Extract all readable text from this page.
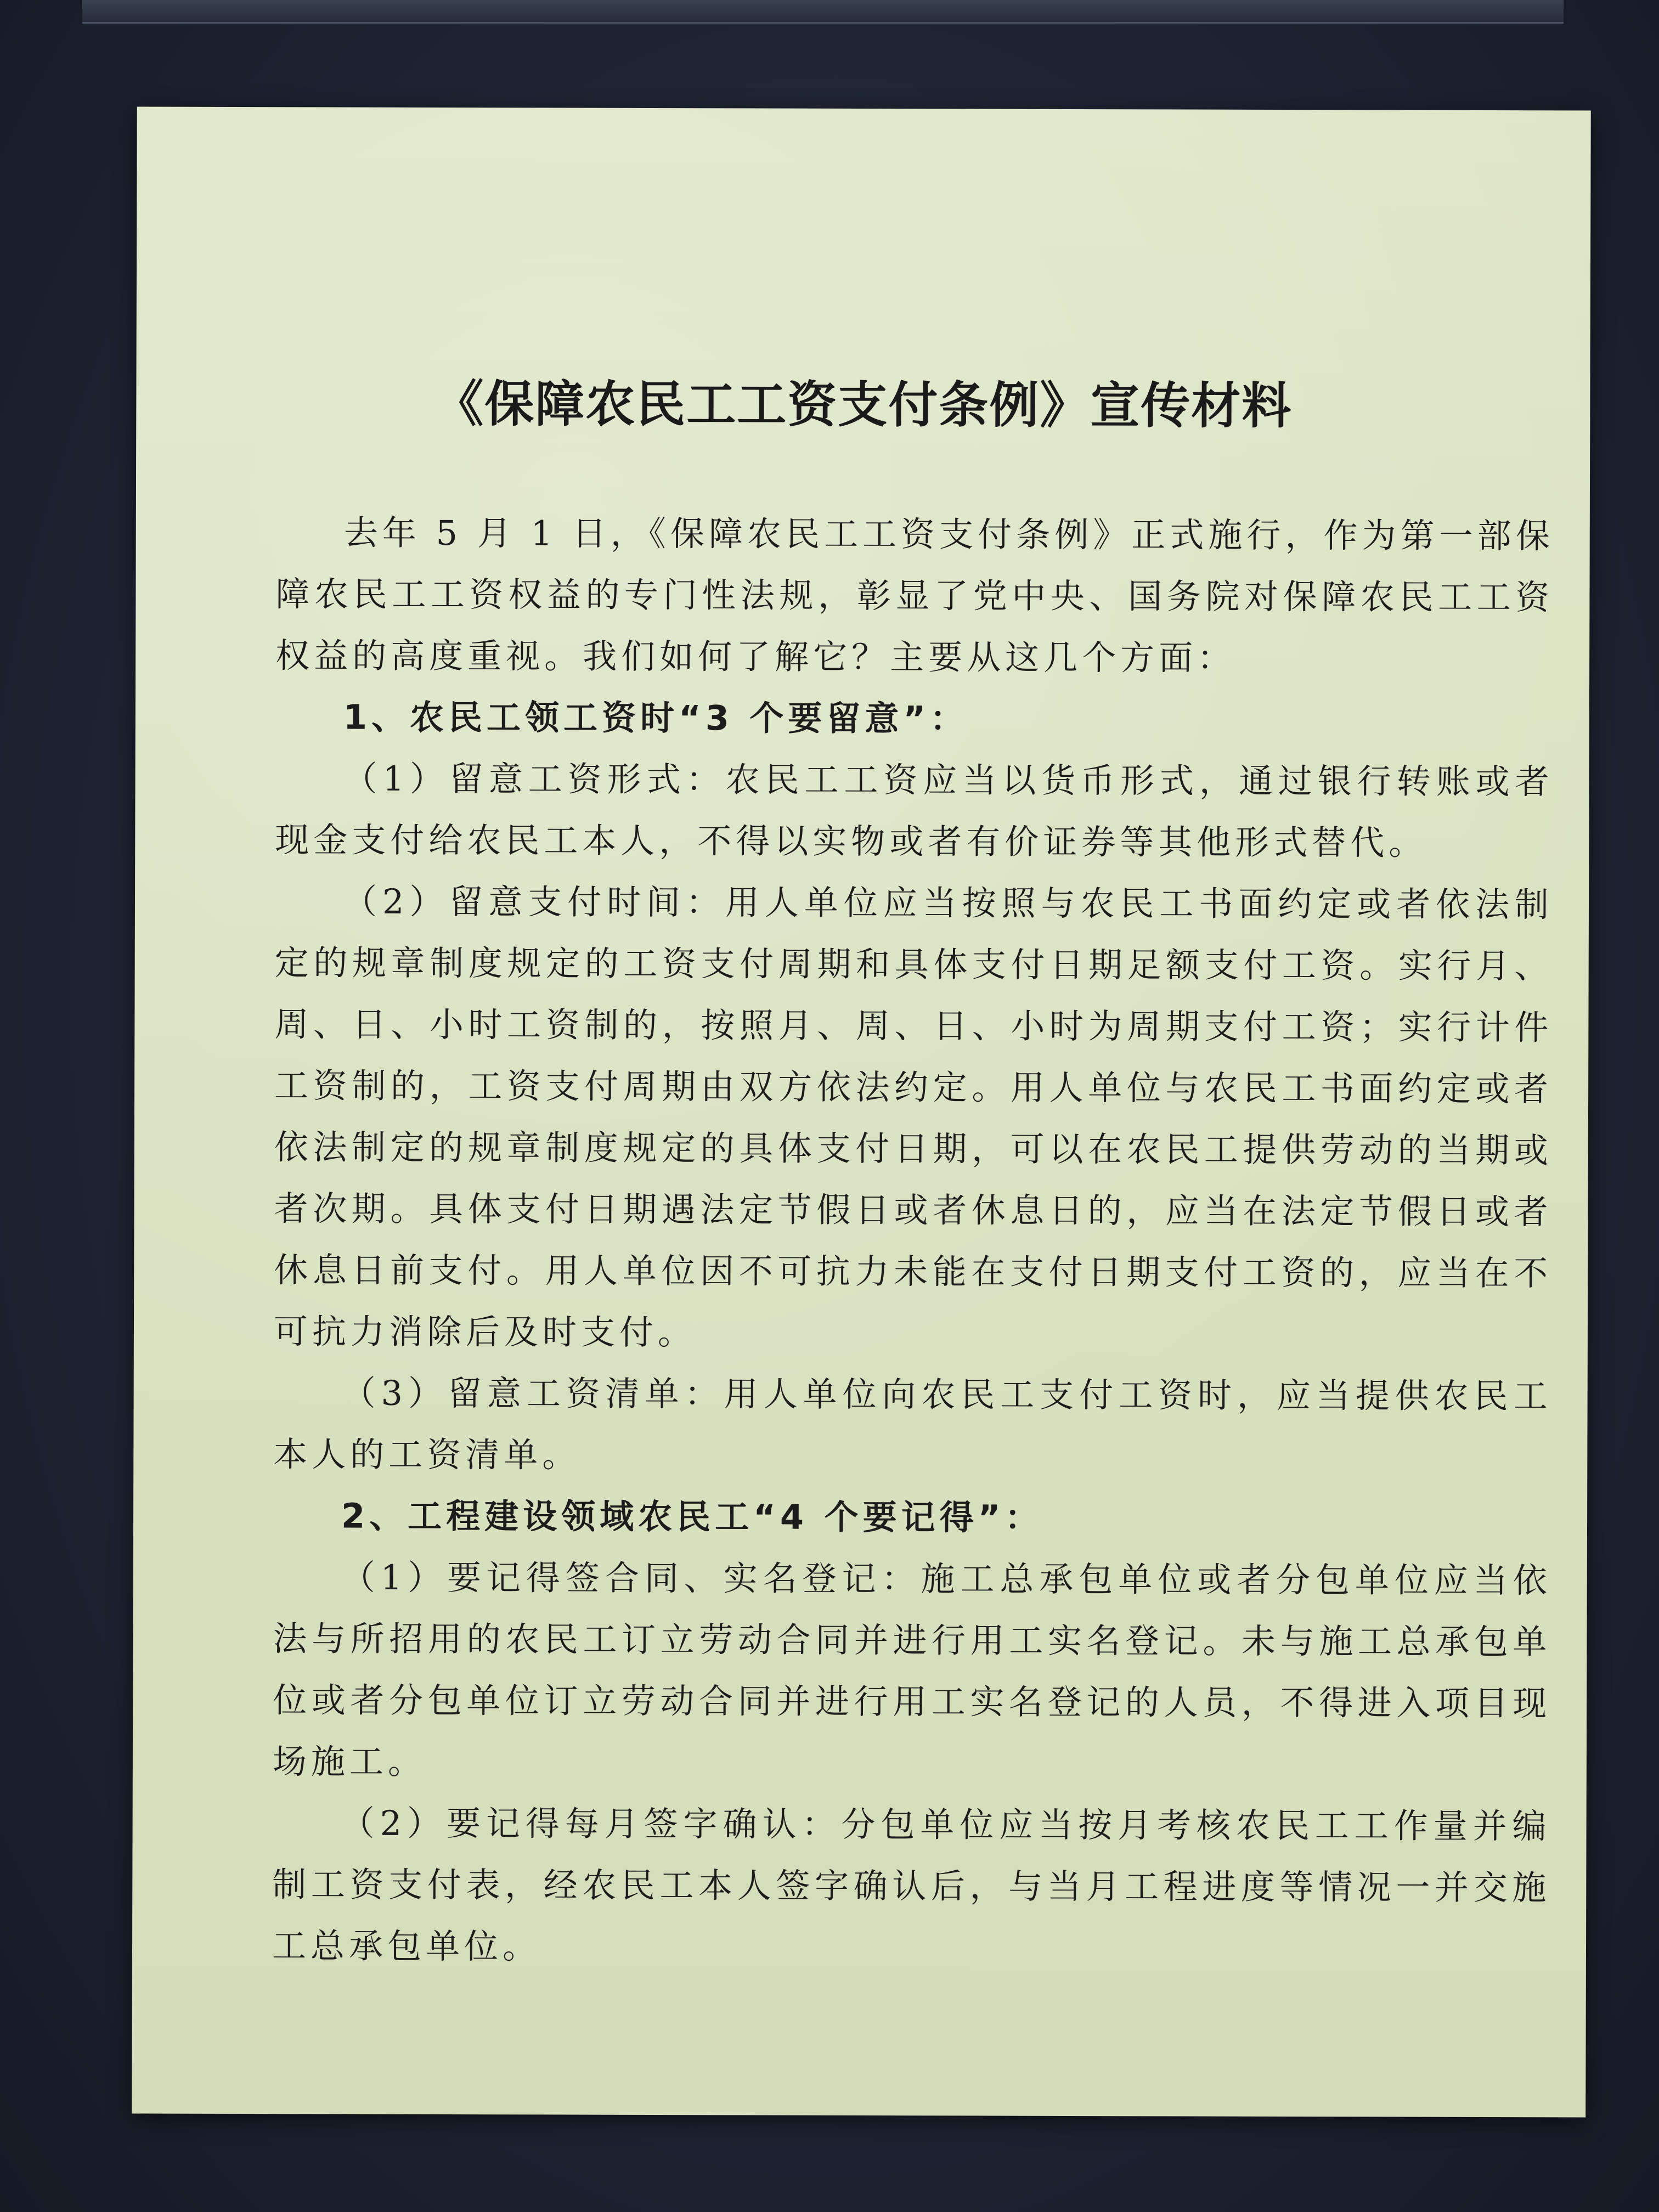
《保障农民工工资支付条例》宣传材料

去年 5 月 1 日，《保障农民工工资支付条例》正式施行，作为第一部保障农民工工资权益的专门性法规，彰显了党中央、国务院对保障农民工工资权益的高度重视。我们如何了解它？主要从这几个方面：

1、农民工领工资时“3 个要留意”：

（1）留意工资形式：农民工工资应当以货币形式，通过银行转账或者现金支付给农民工本人，不得以实物或者有价证券等其他形式替代。

（2）留意支付时间：用人单位应当按照与农民工书面约定或者依法制定的规章制度规定的工资支付周期和具体支付日期足额支付工资。实行月、周、日、小时工资制的，按照月、周、日、小时为周期支付工资；实行计件工资制的，工资支付周期由双方依法约定。用人单位与农民工书面约定或者依法制定的规章制度规定的具体支付日期，可以在农民工提供劳动的当期或者次期。具体支付日期遇法定节假日或者休息日的，应当在法定节假日或者休息日前支付。用人单位因不可抗力未能在支付日期支付工资的，应当在不可抗力消除后及时支付。

（3）留意工资清单：用人单位向农民工支付工资时，应当提供农民工本人的工资清单。

2、工程建设领域农民工“4 个要记得”：

（1）要记得签合同、实名登记：施工总承包单位或者分包单位应当依法与所招用的农民工订立劳动合同并进行用工实名登记。未与施工总承包单位或者分包单位订立劳动合同并进行用工实名登记的人员，不得进入项目现场施工。

（2）要记得每月签字确认：分包单位应当按月考核农民工工作量并编制工资支付表，经农民工本人签字确认后，与当月工程进度等情况一并交施工总承包单位。
